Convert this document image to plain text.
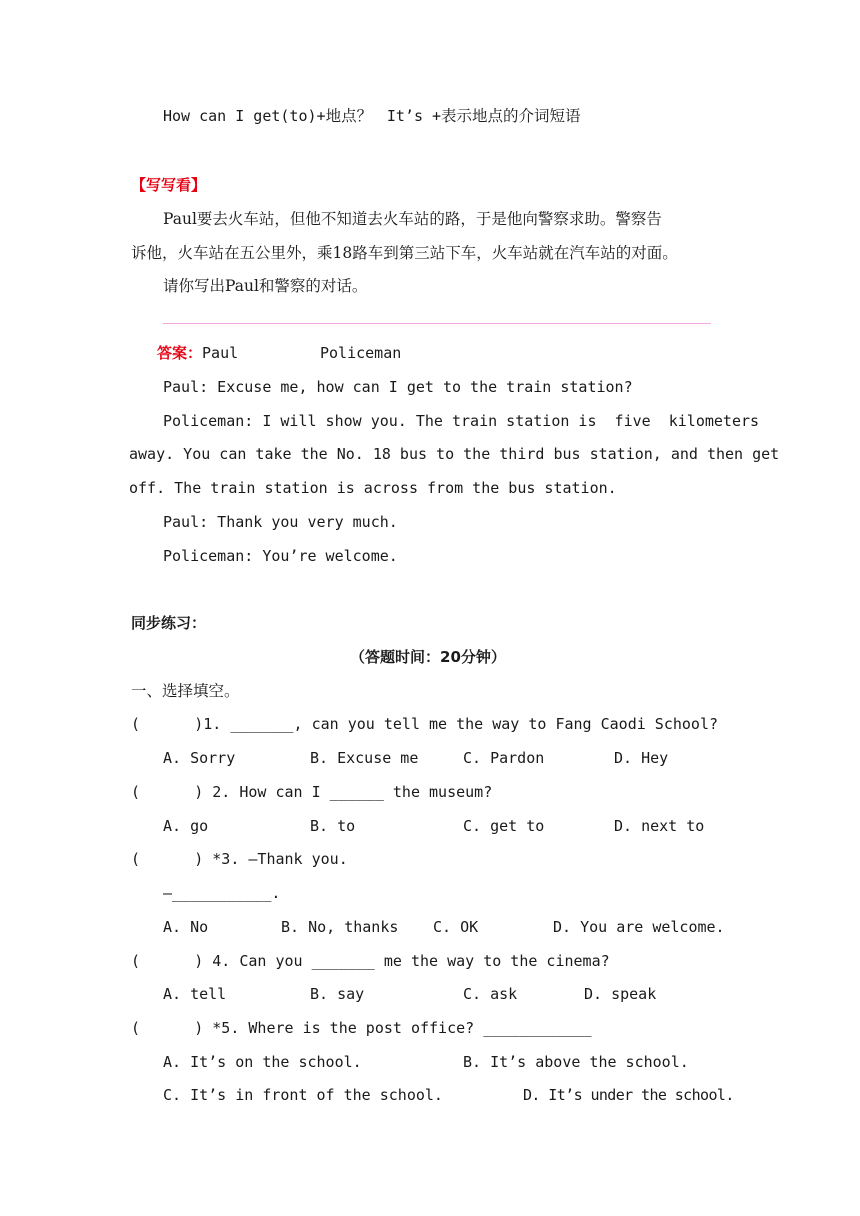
How can I get(to)+地点？ It’s +表示地点的介词短语
【写写看】
Paul要去火车站，但他不知道去火车站的路，于是他向警察求助。警察告
诉他，火车站在五公里外，乘18路车到第三站下车，火车站就在汽车站的对面。
请你写出Paul和警察的对话。
答案：Paul	Policeman
Paul: Excuse me, how can I get to the train station?
Policeman: I will show you. The train station is  five  kilometers
away. You can take the No. 18 bus to the third bus station, and then get
off. The train station is across from the bus station.
Paul: Thank you very much.
Policeman: You’re welcome.
同步练习：
（答题时间：20分钟）
一、选择填空。
(      )1. _______, can you tell me the way to Fang Caodi School?
A. Sorry	B. Excuse me	C. Pardon	D. Hey
(      ) 2. How can I ______ the museum?
A. go	B. to	C. get to	D. next to
(      ) *3. —Thank you.
—___________.
A. No	B. No, thanks C. OK	D. You are welcome.
(      ) 4. Can you _______ me the way to the cinema?
A. tell	B. say	C. ask	D. speak
(      ) *5. Where is the post office? ____________
A. It’s on the school.	B. It’s above the school.
C. It’s in front of the school.	D. It’s under the school.
